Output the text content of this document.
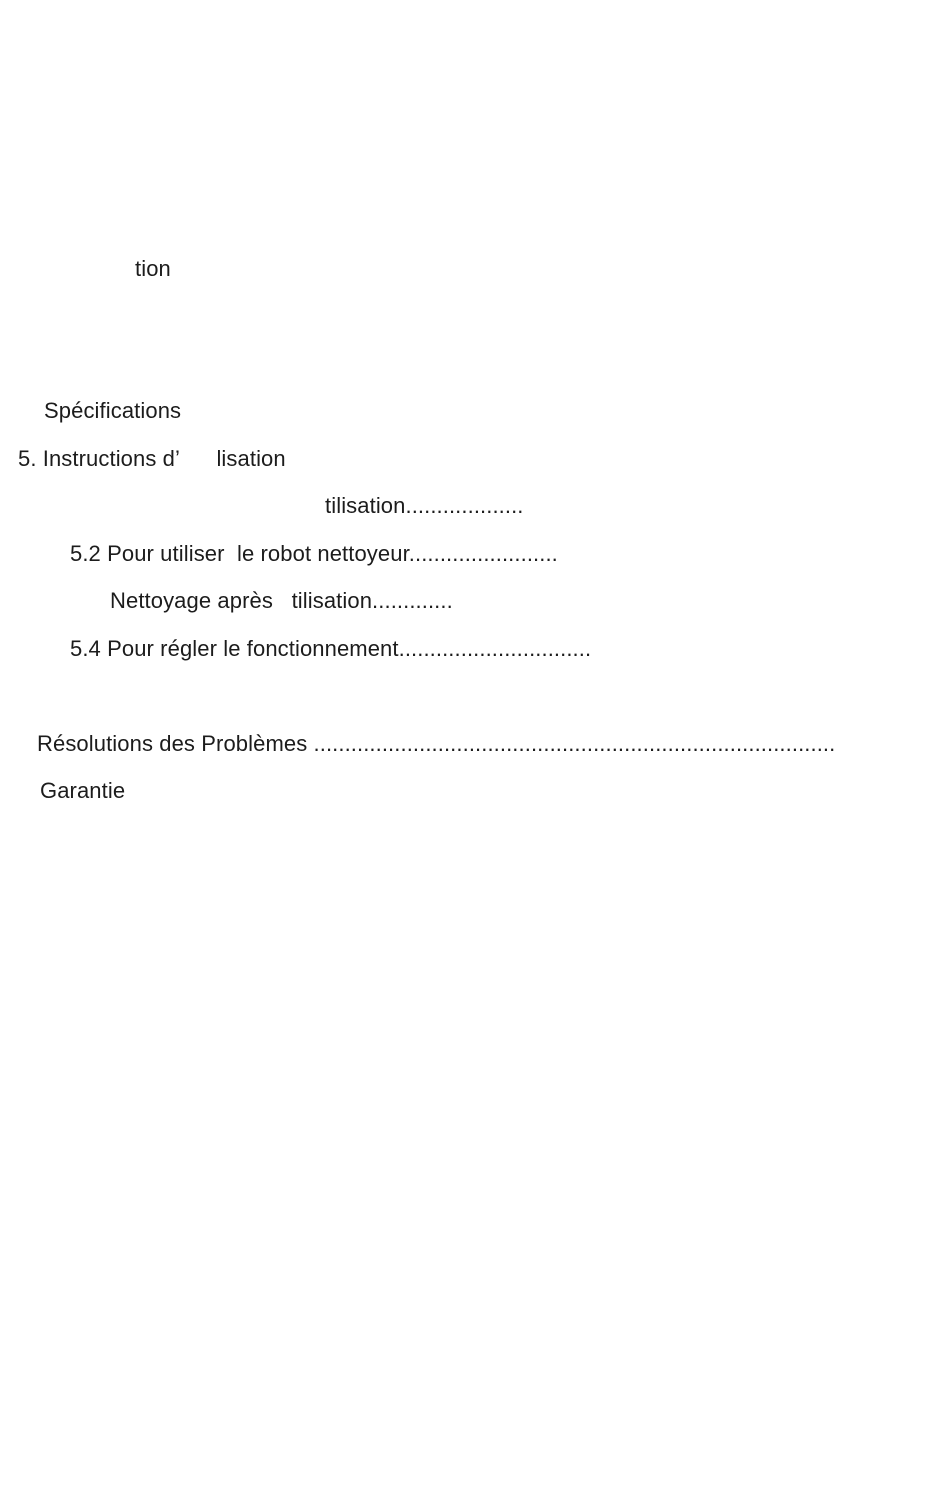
tion
Spécifications
5. Instructions d’      lisation
tilisation...................
5.2 Pour utiliser  le robot nettoyeur........................
Nettoyage après   tilisation.............
5.4 Pour régler le fonctionnement...............................
Résolutions des Problèmes ....................................................................................
Garantie
